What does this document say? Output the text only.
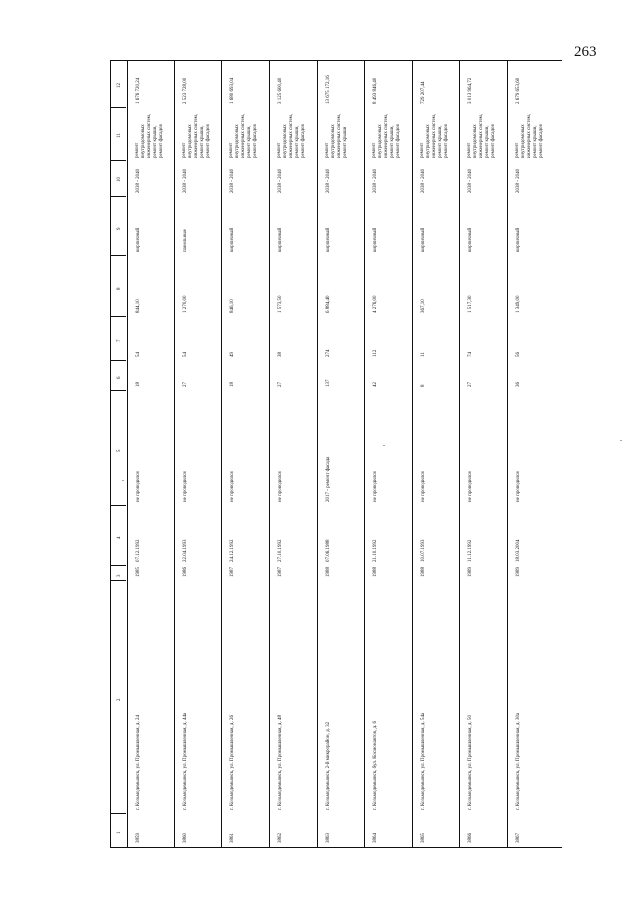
263
1
2
3
4
5
6
7
8
9
10
11
12
3859
г. Козьмодемьянск, ул. Промышленная, д. 24
1985
07.12.1992
не проводился
18
54
844,10
кирпичный
2038 - 2040
ремонт внутридомовых инженерных систем, ремонт крыши, ремонт фасадов
1 676 720,24
3860
г. Козьмодемьянск, ул. Промышленная, д. 44а
1986
22.04.1993
не проводился
27
54
1 270,00
панельные
2038 - 2040
ремонт внутридомовых инженерных систем, ремонт крыши, ремонт фасадов
2 523 728,00
3861
г. Козьмодемьянск, ул. Промышленная, д. 26
1987
24.12.1992
не проводился
18
49
846,10
кирпичный
2038 - 2040
ремонт внутридомовых инженерных систем, ремонт крыши, ремонт фасадов
1 680 693,04
3862
г. Козьмодемьянск, ул. Промышленная, д. 48
1987
27.10.1992
не проводился
27
38
1 573,50
кирпичный
2038 - 2040
ремонт внутридомовых инженерных систем, ремонт крыши, ремонт фасадов
3 125 600,40
3863
г. Козьмодемьянск, 2-й микрорайон, д. 32
1988
07.06.1988
2017 - ремонт фасада
137
274
6 884,40
кирпичный
2038 - 2040
ремонт внутридомовых инженерных систем, ремонт крыши
13 675 172,16
3864
г. Козьмодемьянск, бул. Космонавтов, д. 6
1988
21.10.1992
не проводился
42
112
4 276,00
кирпичный
2038 - 2040
ремонт внутридомовых инженерных систем, ремонт крыши, ремонт фасадов
8 493 846,40
3865
г. Козьмодемьянск, ул. Промышленная, д. 54а
1988
10.07.1993
не проводился
8
11
367,10
кирпичный
2038 - 2040
ремонт внутридомовых инженерных систем, ремонт крыши, ремонт фасадов
729 207,44
3866
г. Козьмодемьянск, ул. Промышленная, д. 50
1989
11.12.1992
не проводился
27
74
1 517,30
кирпичный
2038 - 2040
ремонт внутридомовых инженерных систем, ремонт крыши, ремонт фасадов
3 013 964,72
3867
г. Козьмодемьянск, ул. Промышленная, д. 30а
1989
18.03.2004
не проводился
36
56
1 349,00
кирпичный
2038 - 2040
ремонт внутридомовых инженерных систем, ремонт крыши, ремонт фасадов
2 679 653,60
